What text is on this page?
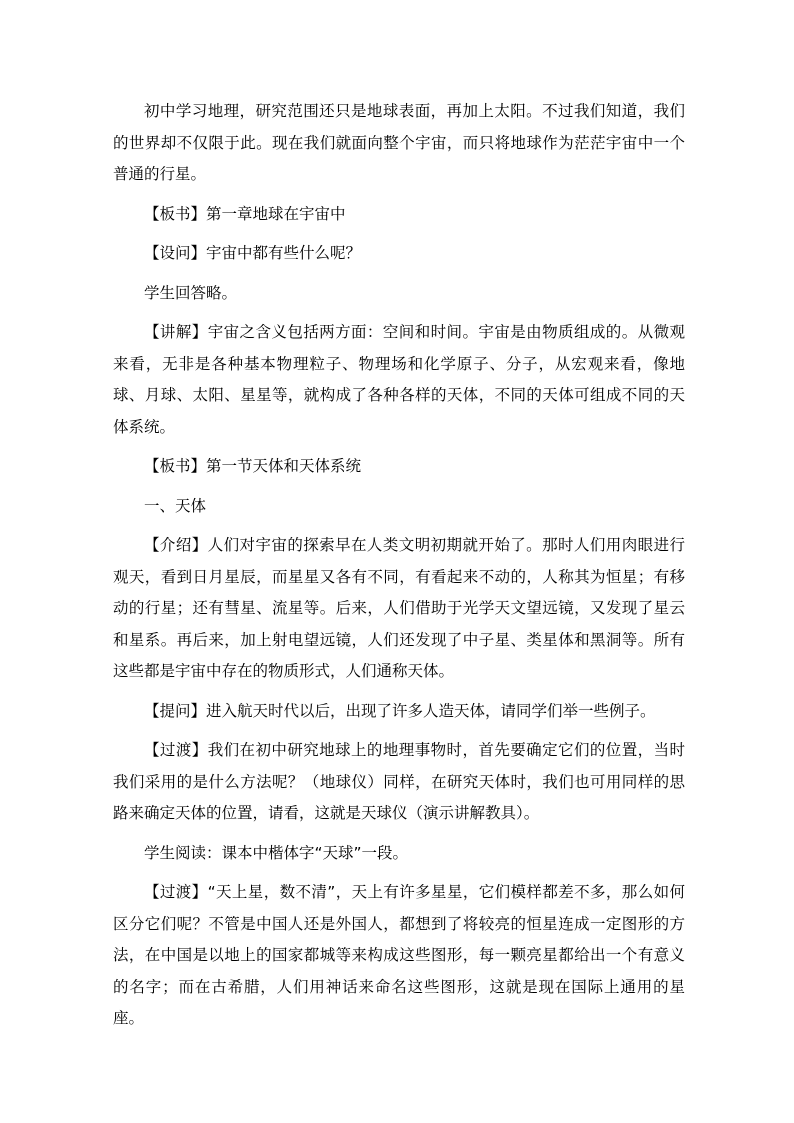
初中学习地理，研究范围还只是地球表面，再加上太阳。不过我们知道，我们的世界却不仅限于此。现在我们就面向整个宇宙，而只将地球作为茫茫宇宙中一个普通的行星。

【板书】第一章地球在宇宙中

【设问】宇宙中都有些什么呢？

学生回答略。

【讲解】宇宙之含义包括两方面：空间和时间。宇宙是由物质组成的。从微观来看，无非是各种基本物理粒子、物理场和化学原子、分子，从宏观来看，像地球、月球、太阳、星星等，就构成了各种各样的天体，不同的天体可组成不同的天体系统。

【板书】第一节天体和天体系统

一、天体

【介绍】人们对宇宙的探索早在人类文明初期就开始了。那时人们用肉眼进行观天，看到日月星辰，而星星又各有不同，有看起来不动的，人称其为恒星；有移动的行星；还有彗星、流星等。后来，人们借助于光学天文望远镜，又发现了星云和星系。再后来，加上射电望远镜，人们还发现了中子星、类星体和黑洞等。所有这些都是宇宙中存在的物质形式，人们通称天体。

【提问】进入航天时代以后，出现了许多人造天体，请同学们举一些例子。

【过渡】我们在初中研究地球上的地理事物时，首先要确定它们的位置，当时我们采用的是什么方法呢？（地球仪）同样，在研究天体时，我们也可用同样的思路来确定天体的位置，请看，这就是天球仪（演示讲解教具）。

学生阅读：课本中楷体字“天球”一段。

【过渡】“天上星，数不清”，天上有许多星星，它们模样都差不多，那么如何区分它们呢？不管是中国人还是外国人，都想到了将较亮的恒星连成一定图形的方法，在中国是以地上的国家都城等来构成这些图形，每一颗亮星都给出一个有意义的名字；而在古希腊，人们用神话来命名这些图形，这就是现在国际上通用的星座。
